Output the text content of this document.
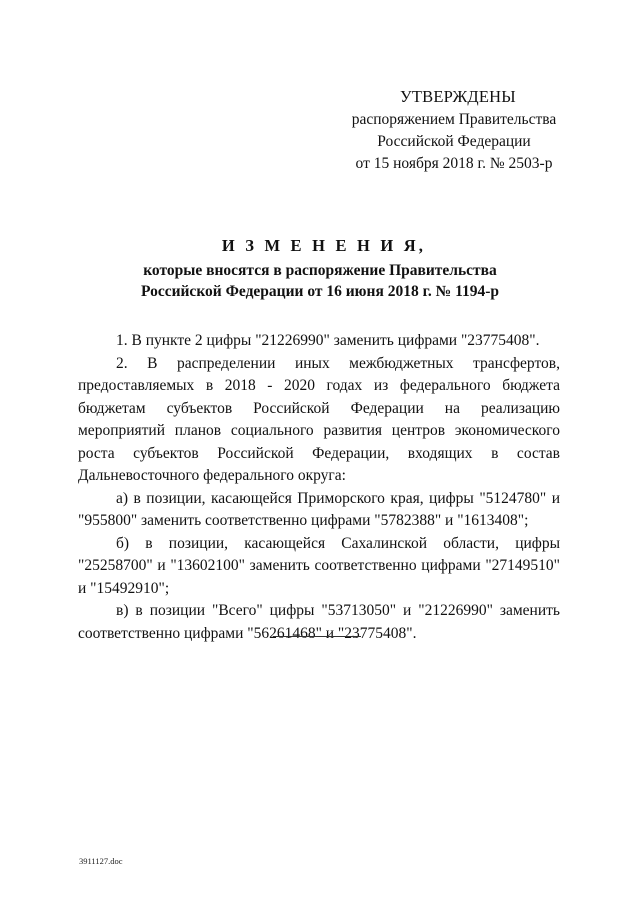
УТВЕРЖДЕНЫ
распоряжением Правительства
Российской Федерации
от 15 ноября 2018 г. № 2503-р
И З М Е Н Е Н И Я,
которые вносятся в распоряжение Правительства
Российской Федерации от 16 июня 2018 г. № 1194-р

1. В пункте 2 цифры "21226990" заменить цифрами "23775408".

2. В распределении иных межбюджетных трансфертов, предоставляемых в 2018 - 2020 годах из федерального бюджета бюджетам субъектов Российской Федерации на реализацию мероприятий планов социального развития центров экономического роста субъектов Российской Федерации, входящих в состав Дальневосточного федерального округа:

а) в позиции, касающейся Приморского края, цифры "5124780" и "955800" заменить соответственно цифрами "5782388" и "1613408";

б) в позиции, касающейся Сахалинской области, цифры "25258700" и "13602100" заменить соответственно цифрами "27149510" и "15492910";

в) в позиции "Всего" цифры "53713050" и "21226990" заменить соответственно цифрами "56261468" и "23775408".

3911127.doc
